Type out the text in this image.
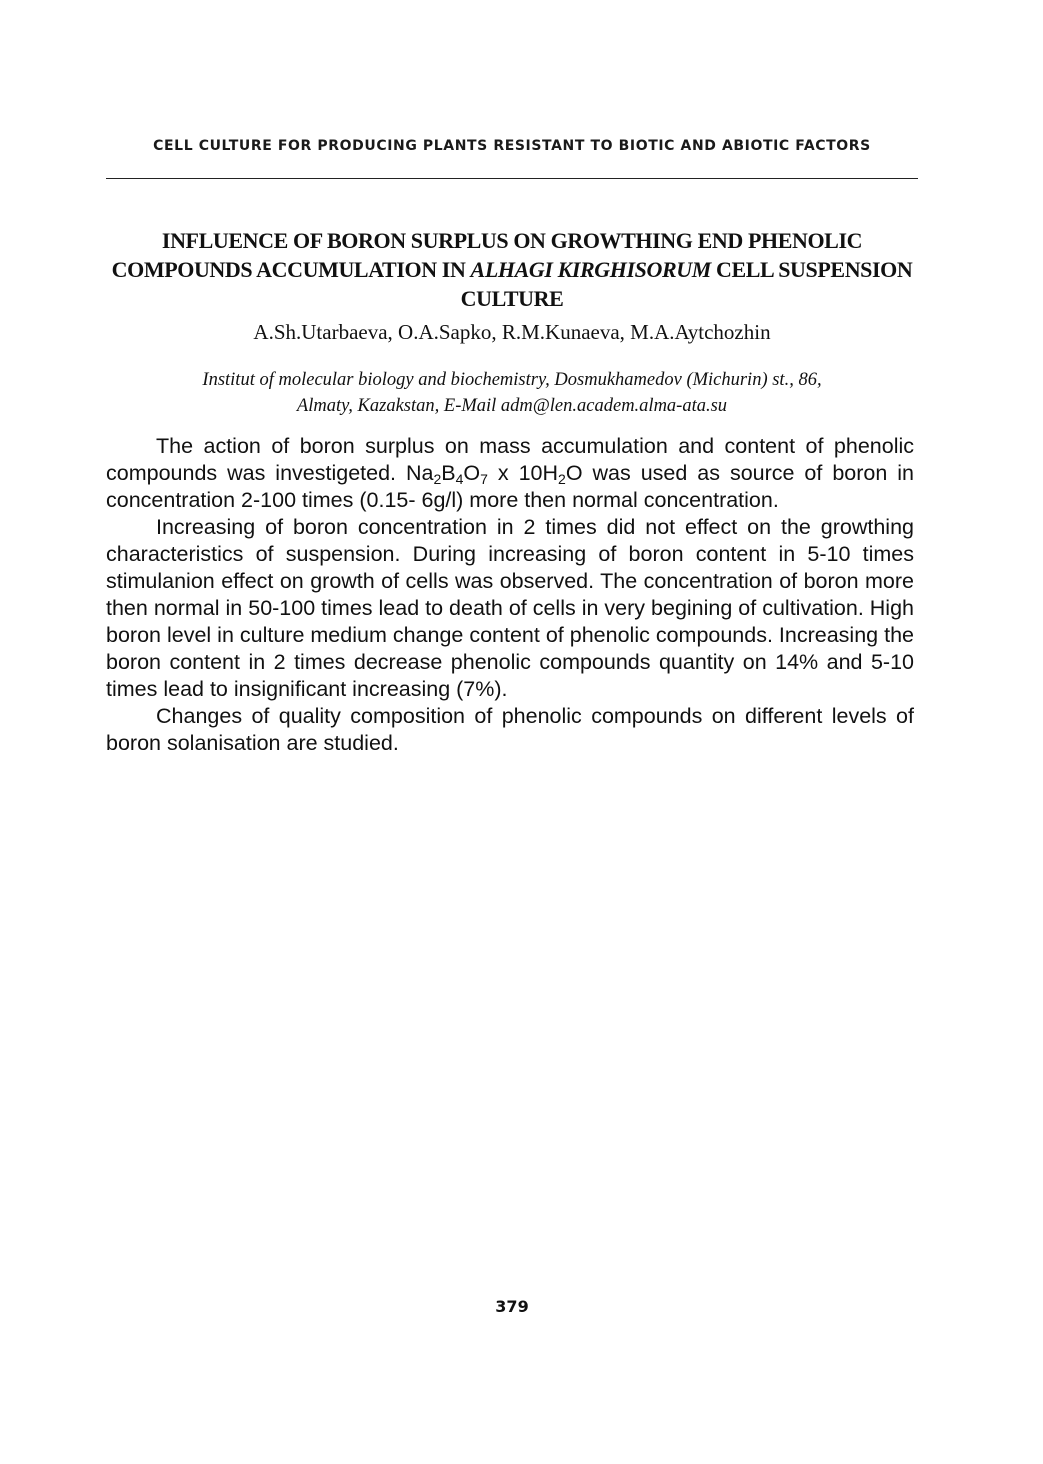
CELL CULTURE FOR PRODUCING PLANTS RESISTANT TO BIOTIC AND ABIOTIC FACTORS
INFLUENCE OF BORON SURPLUS ON GROWTHING END PHENOLIC COMPOUNDS ACCUMULATION IN ALHAGI KIRGHISORUM CELL SUSPENSION CULTURE
A.Sh.Utarbaeva, O.A.Sapko, R.M.Kunaeva, M.A.Aytchozhin
Institut of molecular biology and biochemistry, Dosmukhamedov (Michurin) st., 86,
Almaty, Kazakstan, E-Mail adm@len.academ.alma-ata.su

The action of boron surplus on mass accumulation and content of phenolic compounds was investigeted. $Na_2B_4O_7$ x $10H_2O$ was used as source of boron in concentration 2-100 times (0.15- 6g/l) more then normal concentration.

Increasing of boron concentration in 2 times did not effect on the growthing characteristics of suspension. During increasing of boron content in 5-10 times stimulanion effect on growth of cells was observed. The concentration of boron more then normal in 50-100 times lead to death of cells in very begining of cultivation. High boron level in culture medium change content of phenolic compounds. Increasing the boron content in 2 times decrease phenolic compounds quantity on 14% and 5-10 times lead to insignificant increasing (7%).

Changes of quality composition of phenolic compounds on different levels of boron solanisation are studied.

379
